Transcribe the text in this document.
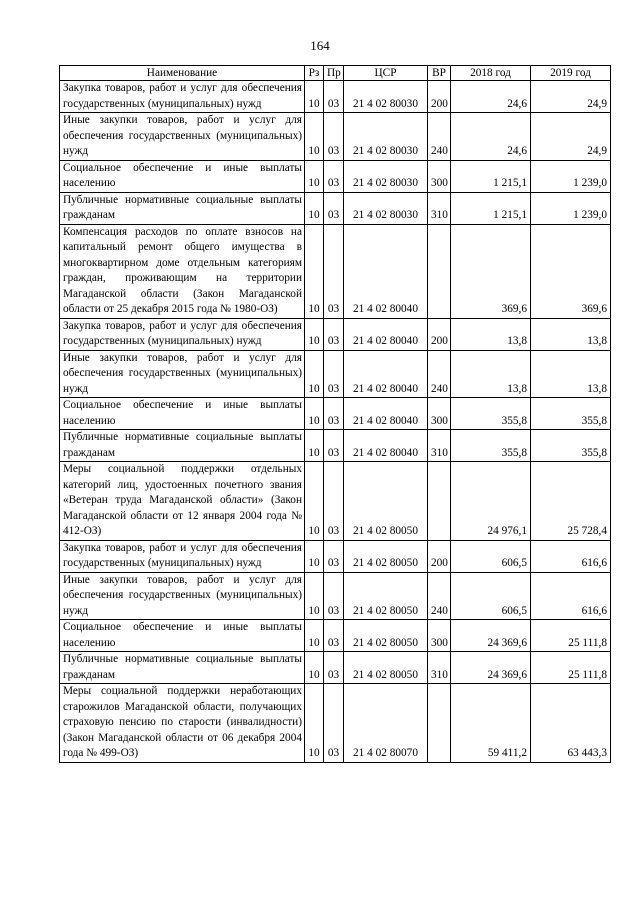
164
Наименование	Рз	Пр	ЦСР	ВР	2018 год	2019 год
Закупка товаров, работ и услуг для обеспечения государственных (муниципальных) нужд	10	03	21 4 02 80030	200	24,6	24,9
Иные закупки товаров, работ и услуг для обеспечения государственных (муниципальных) нужд	10	03	21 4 02 80030	240	24,6	24,9
Социальное обеспечение и иные выплаты населению	10	03	21 4 02 80030	300	1 215,1	1 239,0
Публичные нормативные социальные выплаты гражданам	10	03	21 4 02 80030	310	1 215,1	1 239,0
Компенсация расходов по оплате взносов на капитальный ремонт общего имущества в многоквартирном доме отдельным категориям граждан, проживающим на территории Магаданской области (Закон Магаданской области от 25 декабря 2015 года № 1980-ОЗ)	10	03	21 4 02 80040		369,6	369,6
Закупка товаров, работ и услуг для обеспечения государственных (муниципальных) нужд	10	03	21 4 02 80040	200	13,8	13,8
Иные закупки товаров, работ и услуг для обеспечения государственных (муниципальных) нужд	10	03	21 4 02 80040	240	13,8	13,8
Социальное обеспечение и иные выплаты населению	10	03	21 4 02 80040	300	355,8	355,8
Публичные нормативные социальные выплаты гражданам	10	03	21 4 02 80040	310	355,8	355,8
Меры социальной поддержки отдельных категорий лиц, удостоенных почетного звания «Ветеран труда Магаданской области» (Закон Магаданской области от 12 января 2004 года № 412-ОЗ)	10	03	21 4 02 80050		24 976,1	25 728,4
Закупка товаров, работ и услуг для обеспечения государственных (муниципальных) нужд	10	03	21 4 02 80050	200	606,5	616,6
Иные закупки товаров, работ и услуг для обеспечения государственных (муниципальных) нужд	10	03	21 4 02 80050	240	606,5	616,6
Социальное обеспечение и иные выплаты населению	10	03	21 4 02 80050	300	24 369,6	25 111,8
Публичные нормативные социальные выплаты гражданам	10	03	21 4 02 80050	310	24 369,6	25 111,8
Меры социальной поддержки неработающих старожилов Магаданской области, получающих страховую пенсию по старости (инвалидности) (Закон Магаданской области от 06 декабря 2004 года № 499-ОЗ)	10	03	21 4 02 80070		59 411,2	63 443,3
